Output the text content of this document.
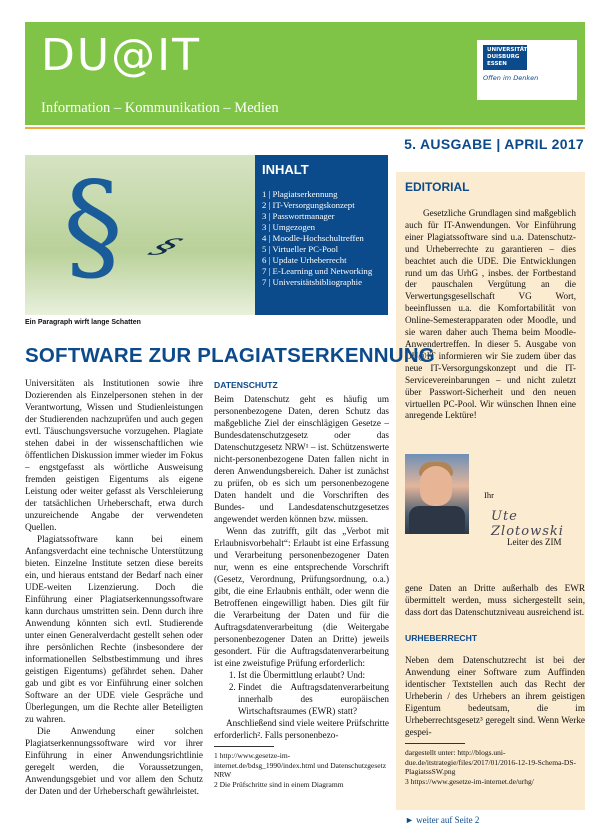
DU@IT
Information – Kommunikation – Medien
UNIVERSITÄT
DUISBURG
ESSEN
Offen im Denken
5. AUSGABE | APRIL 2017
§ §
Ein Paragraph wirft lange Schatten
INHALT
1 | Plagiatserkennung
2 | IT-Versorgungskonzept
3 | Passwortmanager
3 | Umgezogen
4 | Moodle-Hochschultreffen
5 | Virtueller PC-Pool
6 | Update Urheberrecht
7 | E-Learning und Networking
7 | Universitätsbibliographie
EDITORIAL

Gesetzliche Grundlagen sind maßgeblich auch für IT-Anwendungen. Vor Einführung einer Plagiatssoftware sind u.a. Datenschutz- und Urheberrechte zu garantieren – dies beachtet auch die UDE. Die Entwicklungen rund um das UrhG , insbes. der Fortbestand der pauschalen Vergütung an die Verwertungsgesellschaft VG Wort, beeinflussen u.a. die Komfortabilität von Online-Semesterapparaten oder Moodle, und sie waren daher auch Thema beim Moodle-Anwendertreffen. In dieser 5. Ausgabe von DU@IT informieren wir Sie zudem über das neue IT-Versorgungskonzept und die IT-Servicevereinbarungen – und nicht zuletzt über Passwort-Sicherheit und den neuen virtuellen PC-Pool. Wir wünschen Ihnen eine anregende Lektüre!

Ihr
Ute Zlotowski
Leiter des ZIM
SOFTWARE ZUR PLAGIATSERKENNUNG

Universitäten als Institutionen sowie ihre Dozierenden als Einzelpersonen stehen in der Verantwortung, Wissen und Studienleistungen der Studierenden nachzuprüfen und auch gegen evtl. Täuschungsversuche vorzugehen. Plagiate stehen dabei in der wissenschaftlichen wie öffentlichen Diskussion immer wieder im Fokus – engstgefasst als wörtliche Ausweisung fremden geistigen Eigentums als eigene Leistung oder weiter gefasst als Verschleierung der tatsächlichen Urheberschaft, etwa durch unzureichende Angabe der verwendeten Quellen.

Plagiatssoftware kann bei einem Anfangsverdacht eine technische Unterstützung bieten. Einzelne Institute setzen diese bereits ein, und hieraus entstand der Bedarf nach einer UDE-weiten Lizenzierung. Doch die Einführung einer Plagiatserkennungssoftware kann durchaus umstritten sein. Denn durch ihre Anwendung könnten sich evtl. Studierende unter einen Generalverdacht gestellt sehen oder ihre persönlichen Rechte (insbesondere der informationellen Selbstbestimmung und ihres geistigen Eigentums) gefährdet sehen. Daher gab und gibt es vor Einführung einer solchen Software an der UDE viele Gespräche und Überlegungen, um die Rechte aller Beteiligten zu wahren.

Die Anwendung einer solchen Plagiatserkennungssoftware wird vor ihrer Einführung in einer Anwendungsrichtlinie geregelt werden, die Voraussetzungen, Anwendungsgebiet und vor allem den Schutz der Daten und der Urheberschaft gewährleistet.

DATENSCHUTZ

Beim Datenschutz geht es häufig um personenbezogene Daten, deren Schutz das maßgebliche Ziel der einschlägigen Gesetze – Bundesdatenschutzgesetz oder das Datenschutzgesetz NRW¹ – ist. Schützenswerte nicht-personenbezogene Daten fallen nicht in deren Anwendungsbereich. Daher ist zunächst zu prüfen, ob es sich um personenbezogene Daten handelt und die Vorschriften des Bundes- und Landesdatenschutzgesetzes angewendet werden können bzw. müssen.

Wenn das zutrifft, gilt das „Verbot mit Erlaubnisvorbehalt“: Erlaubt ist eine Erfassung und Verarbeitung personenbezogener Daten nur, wenn es eine entsprechende Vorschrift (Gesetz, Verordnung, Prüfungsordnung, o.a.) gibt, die eine Erlaubnis enthält, oder wenn die Betroffenen eingewilligt haben. Dies gilt für die Verarbeitung der Daten und für die Auftragsdatenverarbeitung (die Weitergabe personenbezogener Daten an Dritte) jeweils gesondert. Für die Auftragsdatenverarbeitung ist eine zweistufige Prüfung erforderlich:

1. Ist die Übermittlung erlaubt? Und:
2. Findet die Auftragsdatenverarbeitung innerhalb des europäischen Wirtschaftsraumes (EWR) statt?

Anschließend sind viele weitere Prüfschritte erforderlich². Falls personenbezo-

1 http://www.gesetze-im-internet.de/bdsg_1990/index.html und Datenschutzgesetz NRW
2 Die Prüfschritte sind in einem Diagramm

gene Daten an Dritte außerhalb des EWR übermittelt werden, muss sichergestellt sein, dass dort das Datenschutzniveau ausreichend ist.

URHEBERRECHT

Neben dem Datenschutzrecht ist bei der Anwendung einer Software zum Auffinden identischer Textstellen auch das Recht der Urheberin / des Urhebers an ihrem geistigen Eigentum bedeutsam, die im Urheberrechtsgesetz³ geregelt sind. Wenn Werke gespei-

dargestellt unter: http://blogs.uni-due.de/itstrategie/files/2017/01/2016-12-19-Schema-DS-PlagiatssSW.png
3 https://www.gesetze-im-internet.de/urhg/
► weiter auf Seite 2
